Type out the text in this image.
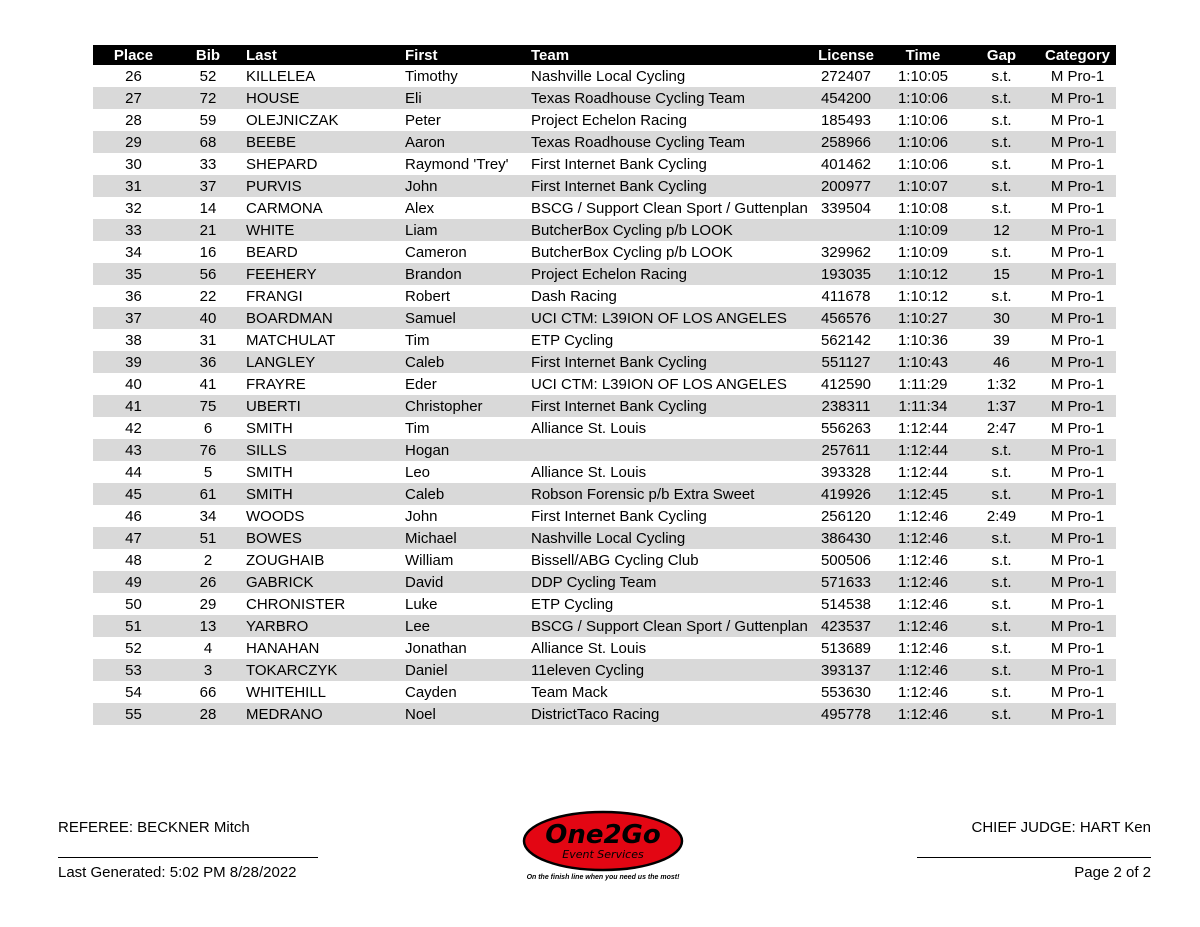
Place	Bib	Last	First	Team	License	Time	Gap	Category
26	52	KILLELEA	Timothy	Nashville Local Cycling	272407	1:10:05	s.t.	M Pro-1
27	72	HOUSE	Eli	Texas Roadhouse Cycling Team	454200	1:10:06	s.t.	M Pro-1
28	59	OLEJNICZAK	Peter	Project Echelon Racing	185493	1:10:06	s.t.	M Pro-1
29	68	BEEBE	Aaron	Texas Roadhouse Cycling Team	258966	1:10:06	s.t.	M Pro-1
30	33	SHEPARD	Raymond 'Trey'	First Internet Bank Cycling	401462	1:10:06	s.t.	M Pro-1
31	37	PURVIS	John	First Internet Bank Cycling	200977	1:10:07	s.t.	M Pro-1
32	14	CARMONA	Alex	BSCG / Support Clean Sport / Guttenplan	339504	1:10:08	s.t.	M Pro-1
33	21	WHITE	Liam	ButcherBox Cycling p/b LOOK		1:10:09	12	M Pro-1
34	16	BEARD	Cameron	ButcherBox Cycling p/b LOOK	329962	1:10:09	s.t.	M Pro-1
35	56	FEEHERY	Brandon	Project Echelon Racing	193035	1:10:12	15	M Pro-1
36	22	FRANGI	Robert	Dash Racing	411678	1:10:12	s.t.	M Pro-1
37	40	BOARDMAN	Samuel	UCI CTM: L39ION OF LOS ANGELES	456576	1:10:27	30	M Pro-1
38	31	MATCHULAT	Tim	ETP Cycling	562142	1:10:36	39	M Pro-1
39	36	LANGLEY	Caleb	First Internet Bank Cycling	551127	1:10:43	46	M Pro-1
40	41	FRAYRE	Eder	UCI CTM: L39ION OF LOS ANGELES	412590	1:11:29	1:32	M Pro-1
41	75	UBERTI	Christopher	First Internet Bank Cycling	238311	1:11:34	1:37	M Pro-1
42	6	SMITH	Tim	Alliance St. Louis	556263	1:12:44	2:47	M Pro-1
43	76	SILLS	Hogan		257611	1:12:44	s.t.	M Pro-1
44	5	SMITH	Leo	Alliance St. Louis	393328	1:12:44	s.t.	M Pro-1
45	61	SMITH	Caleb	Robson Forensic p/b Extra Sweet	419926	1:12:45	s.t.	M Pro-1
46	34	WOODS	John	First Internet Bank Cycling	256120	1:12:46	2:49	M Pro-1
47	51	BOWES	Michael	Nashville Local Cycling	386430	1:12:46	s.t.	M Pro-1
48	2	ZOUGHAIB	William	Bissell/ABG Cycling Club	500506	1:12:46	s.t.	M Pro-1
49	26	GABRICK	David	DDP Cycling Team	571633	1:12:46	s.t.	M Pro-1
50	29	CHRONISTER	Luke	ETP Cycling	514538	1:12:46	s.t.	M Pro-1
51	13	YARBRO	Lee	BSCG / Support Clean Sport / Guttenplan	423537	1:12:46	s.t.	M Pro-1
52	4	HANAHAN	Jonathan	Alliance St. Louis	513689	1:12:46	s.t.	M Pro-1
53	3	TOKARCZYK	Daniel	11eleven Cycling	393137	1:12:46	s.t.	M Pro-1
54	66	WHITEHILL	Cayden	Team Mack	553630	1:12:46	s.t.	M Pro-1
55	28	MEDRANO	Noel	DistrictTaco Racing	495778	1:12:46	s.t.	M Pro-1
REFEREE: BECKNER Mitch
Last Generated: 5:02 PM 8/28/2022
One2Go
Event Services
On the finish line when you need us the most!
CHIEF JUDGE: HART Ken
Page 2 of 2
